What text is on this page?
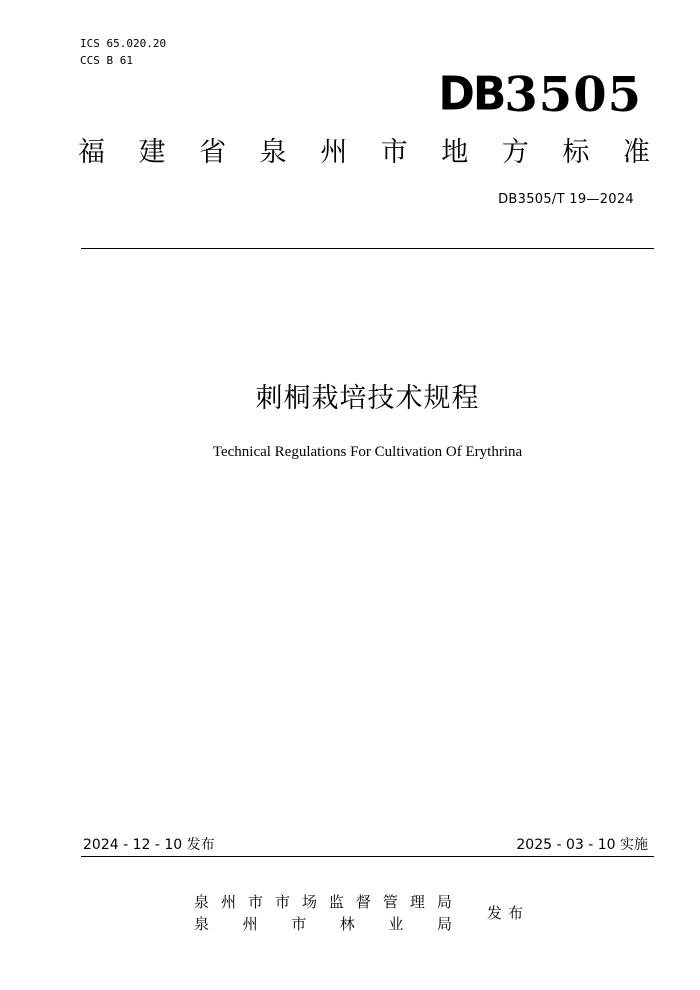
ICS 65.020.20
CCS B 61
DB 3505
福 建 省 泉 州 市 地 方 标 准
DB3505/T 19—2024
刺桐栽培技术规程
Technical Regulations For Cultivation Of Erythrina
2024 - 12 - 10 发布	2025 - 03 - 10 实施
泉 州 市 市 场 监 督 管 理 局
泉 州 市 林 业 局
发布
